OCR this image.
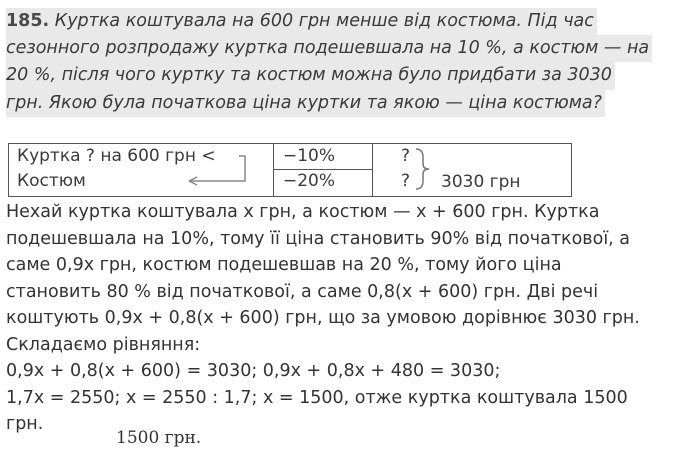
185. Куртка коштувала на 600 грн менше від костюма. Під час
сезонного розпродажу куртка подешевшала на 10 %, а костюм — на
20 %, після чого куртку та костюм можна було придбати за 3030
грн. Якою була початкова ціна куртки та якою — ціна костюма?
Куртка ? на 600 грн <
Костюм
−10%
−20%
?
? 3030 грн
Нехай куртка коштувала x грн, а костюм — x + 600 грн. Куртка
подешевшала на 10%, тому її ціна становить 90% від початкової, а
саме 0,9x грн, костюм подешевшав на 20 %, тому його ціна
становить 80 % від початкової, а саме 0,8(x + 600) грн. Дві речі
коштують 0,9x + 0,8(x + 600) грн, що за умовою дорівнює 3030 грн.
Складаємо рівняння:
0,9x + 0,8(x + 600) = 3030; 0,9x + 0,8x + 480 = 3030;
1,7x = 2550; x = 2550 : 1,7; x = 1500, отже куртка коштувала 1500
грн.
1500 грн.
